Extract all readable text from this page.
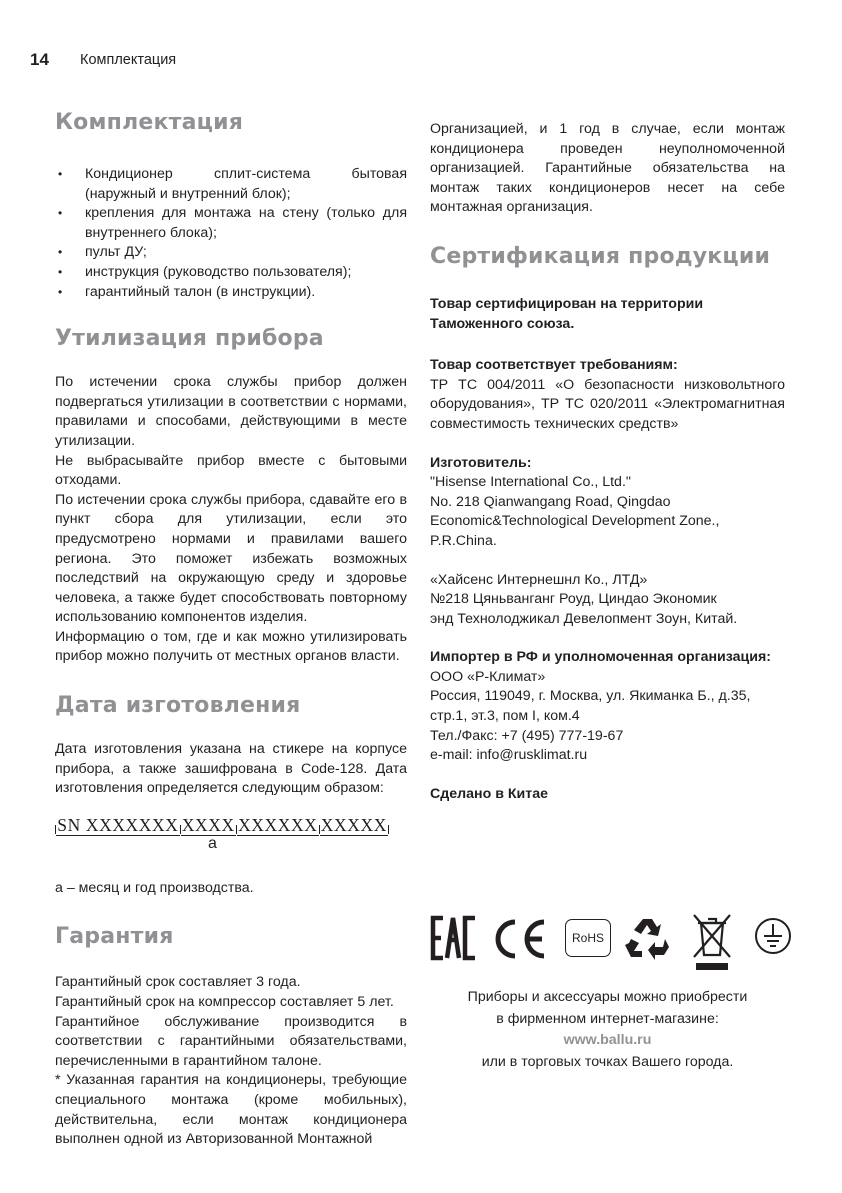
14 Комплектация
Комплектация
• Кондиционер сплит-система бытовая (наружный и внутренний блок);
• крепления для монтажа на стену (только для внутреннего блока);
• пульт ДУ;
• инструкция (руководство пользователя);
• гарантийный талон (в инструкции).
Утилизация прибора

По истечении срока службы прибор должен подвергаться утилизации в соответствии с нормами, правилами и способами, действующими в месте утилизации.

Не выбрасывайте прибор вместе с бытовыми отходами.

По истечении срока службы прибора, сдавайте его в пункт сбора для утилизации, если это предусмотрено нормами и правилами вашего региона. Это поможет избежать возможных последствий на окружающую среду и здоровье человека, а также будет способствовать повторному использованию компонентов изделия.

Информацию о том, где и как можно утилизировать прибор можно получить от местных органов власти.

Дата изготовления

Дата изготовления указана на стикере на корпусе прибора, а также зашифрована в Code-128. Дата изготовления определяется следующим образом:

SN XXXXXXX XXXX XXXXXX XXXXX
a

а – месяц и год производства.

Гарантия

Гарантийный срок составляет 3 года.

Гарантийный срок на компрессор составляет 5 лет.

Гарантийное обслуживание производится в соответствии с гарантийными обязательствами, перечисленными в гарантийном талоне.

* Указанная гарантия на кондиционеры, требующие специального монтажа (кроме мобильных), действительна, если монтаж кондиционера выполнен одной из Авторизованной Монтажной

Организацией, и 1 год в случае, если монтаж кондиционера проведен неуполномоченной организацией. Гарантийные обязательства на монтаж таких кондиционеров несет на себе монтажная организация.

Сертификация продукции

Товар сертифицирован на территории Таможенного союза.

Товар соответствует требованиям:

ТР ТС 004/2011 «О безопасности низковольтного оборудования», ТР ТС 020/2011 «Электромагнитная совместимость технических средств»

Изготовитель:

"Hisense International Co., Ltd."
No. 218 Qianwangang Road, Qingdao
Economic&Technological Development Zone.,
P.R.China.
«Хайсенс Интернешнл Ко., ЛТД»
№218 Цяньванганг Роуд, Циндао Экономик
энд Технолоджикал Девелопмент Зоун, Китай.

Импортер в РФ и уполномоченная организация:

ООО «Р-Климат»
Россия, 119049, г. Москва, ул. Якиманка Б., д.35,
стр.1, эт.3, пом I, ком.4
Тел./Факс: +7 (495) 777-19-67
e-mail: info@rusklimat.ru

Сделано в Китае

RoHS
Приборы и аксессуары можно приобрести
в фирменном интернет-магазине:
www.ballu.ru
или в торговых точках Вашего города.
